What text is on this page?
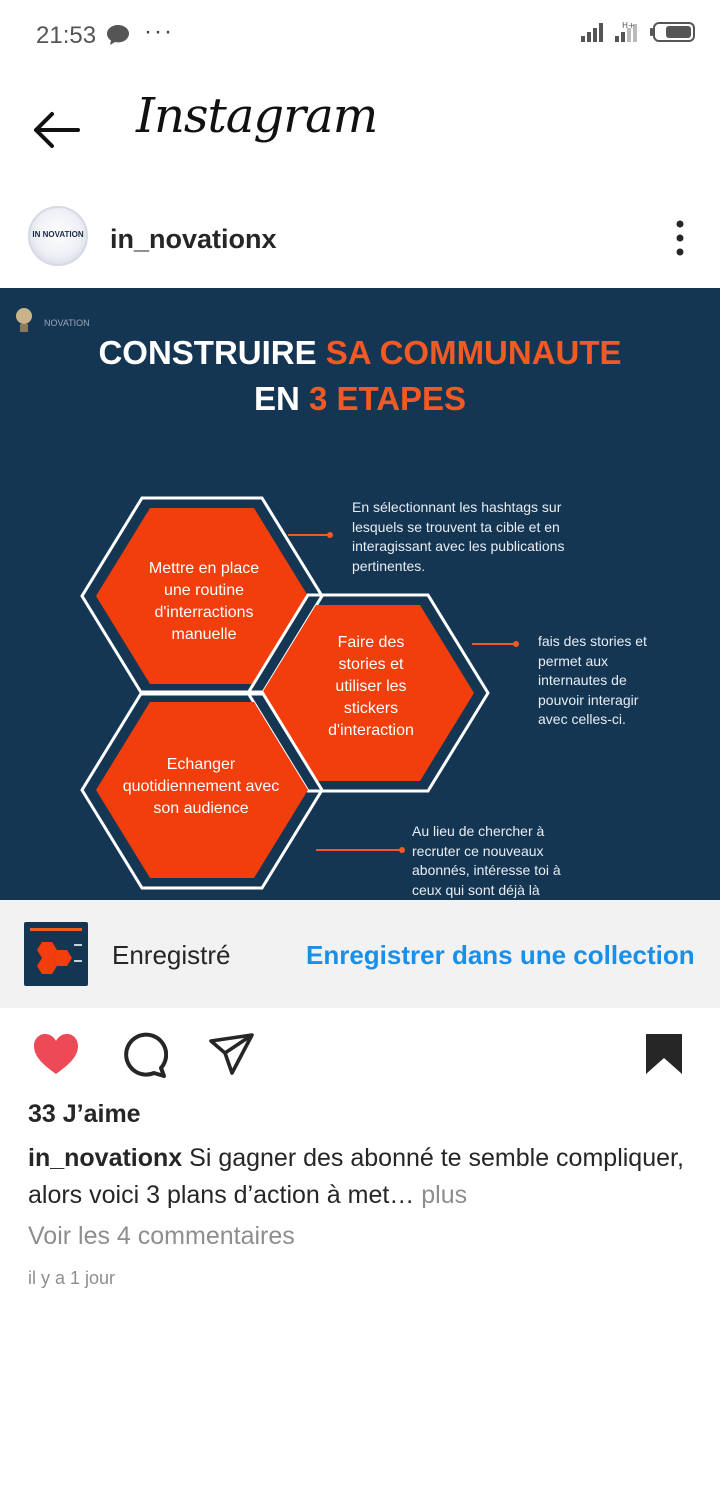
21:53 ···	H+
Instagram
IN NOVATION in_novationx
NOVATION
CONSTRUIRE SA COMMUNAUTE
EN 3 ETAPES
Mettre en place une routine d'interractions manuelle	Faire des stories et utiliser les stickers d'interaction
Echanger quotidiennement avec son audience
En sélectionnant les hashtags sur lesquels se trouvent ta cible et en interagissant avec les publications pertinentes.
fais des stories et permet aux internautes de pouvoir interagir avec celles-ci.
Au lieu de chercher à recruter ce nouveaux abonnés, intéresse toi à ceux qui sont déjà là
Enregistré	Enregistrer dans une collection
33 J’aime
in_novationx Si gagner des abonné te semble compliquer, alors voici 3 plans d’action à met… plus
Voir les 4 commentaires
il y a 1 jour
